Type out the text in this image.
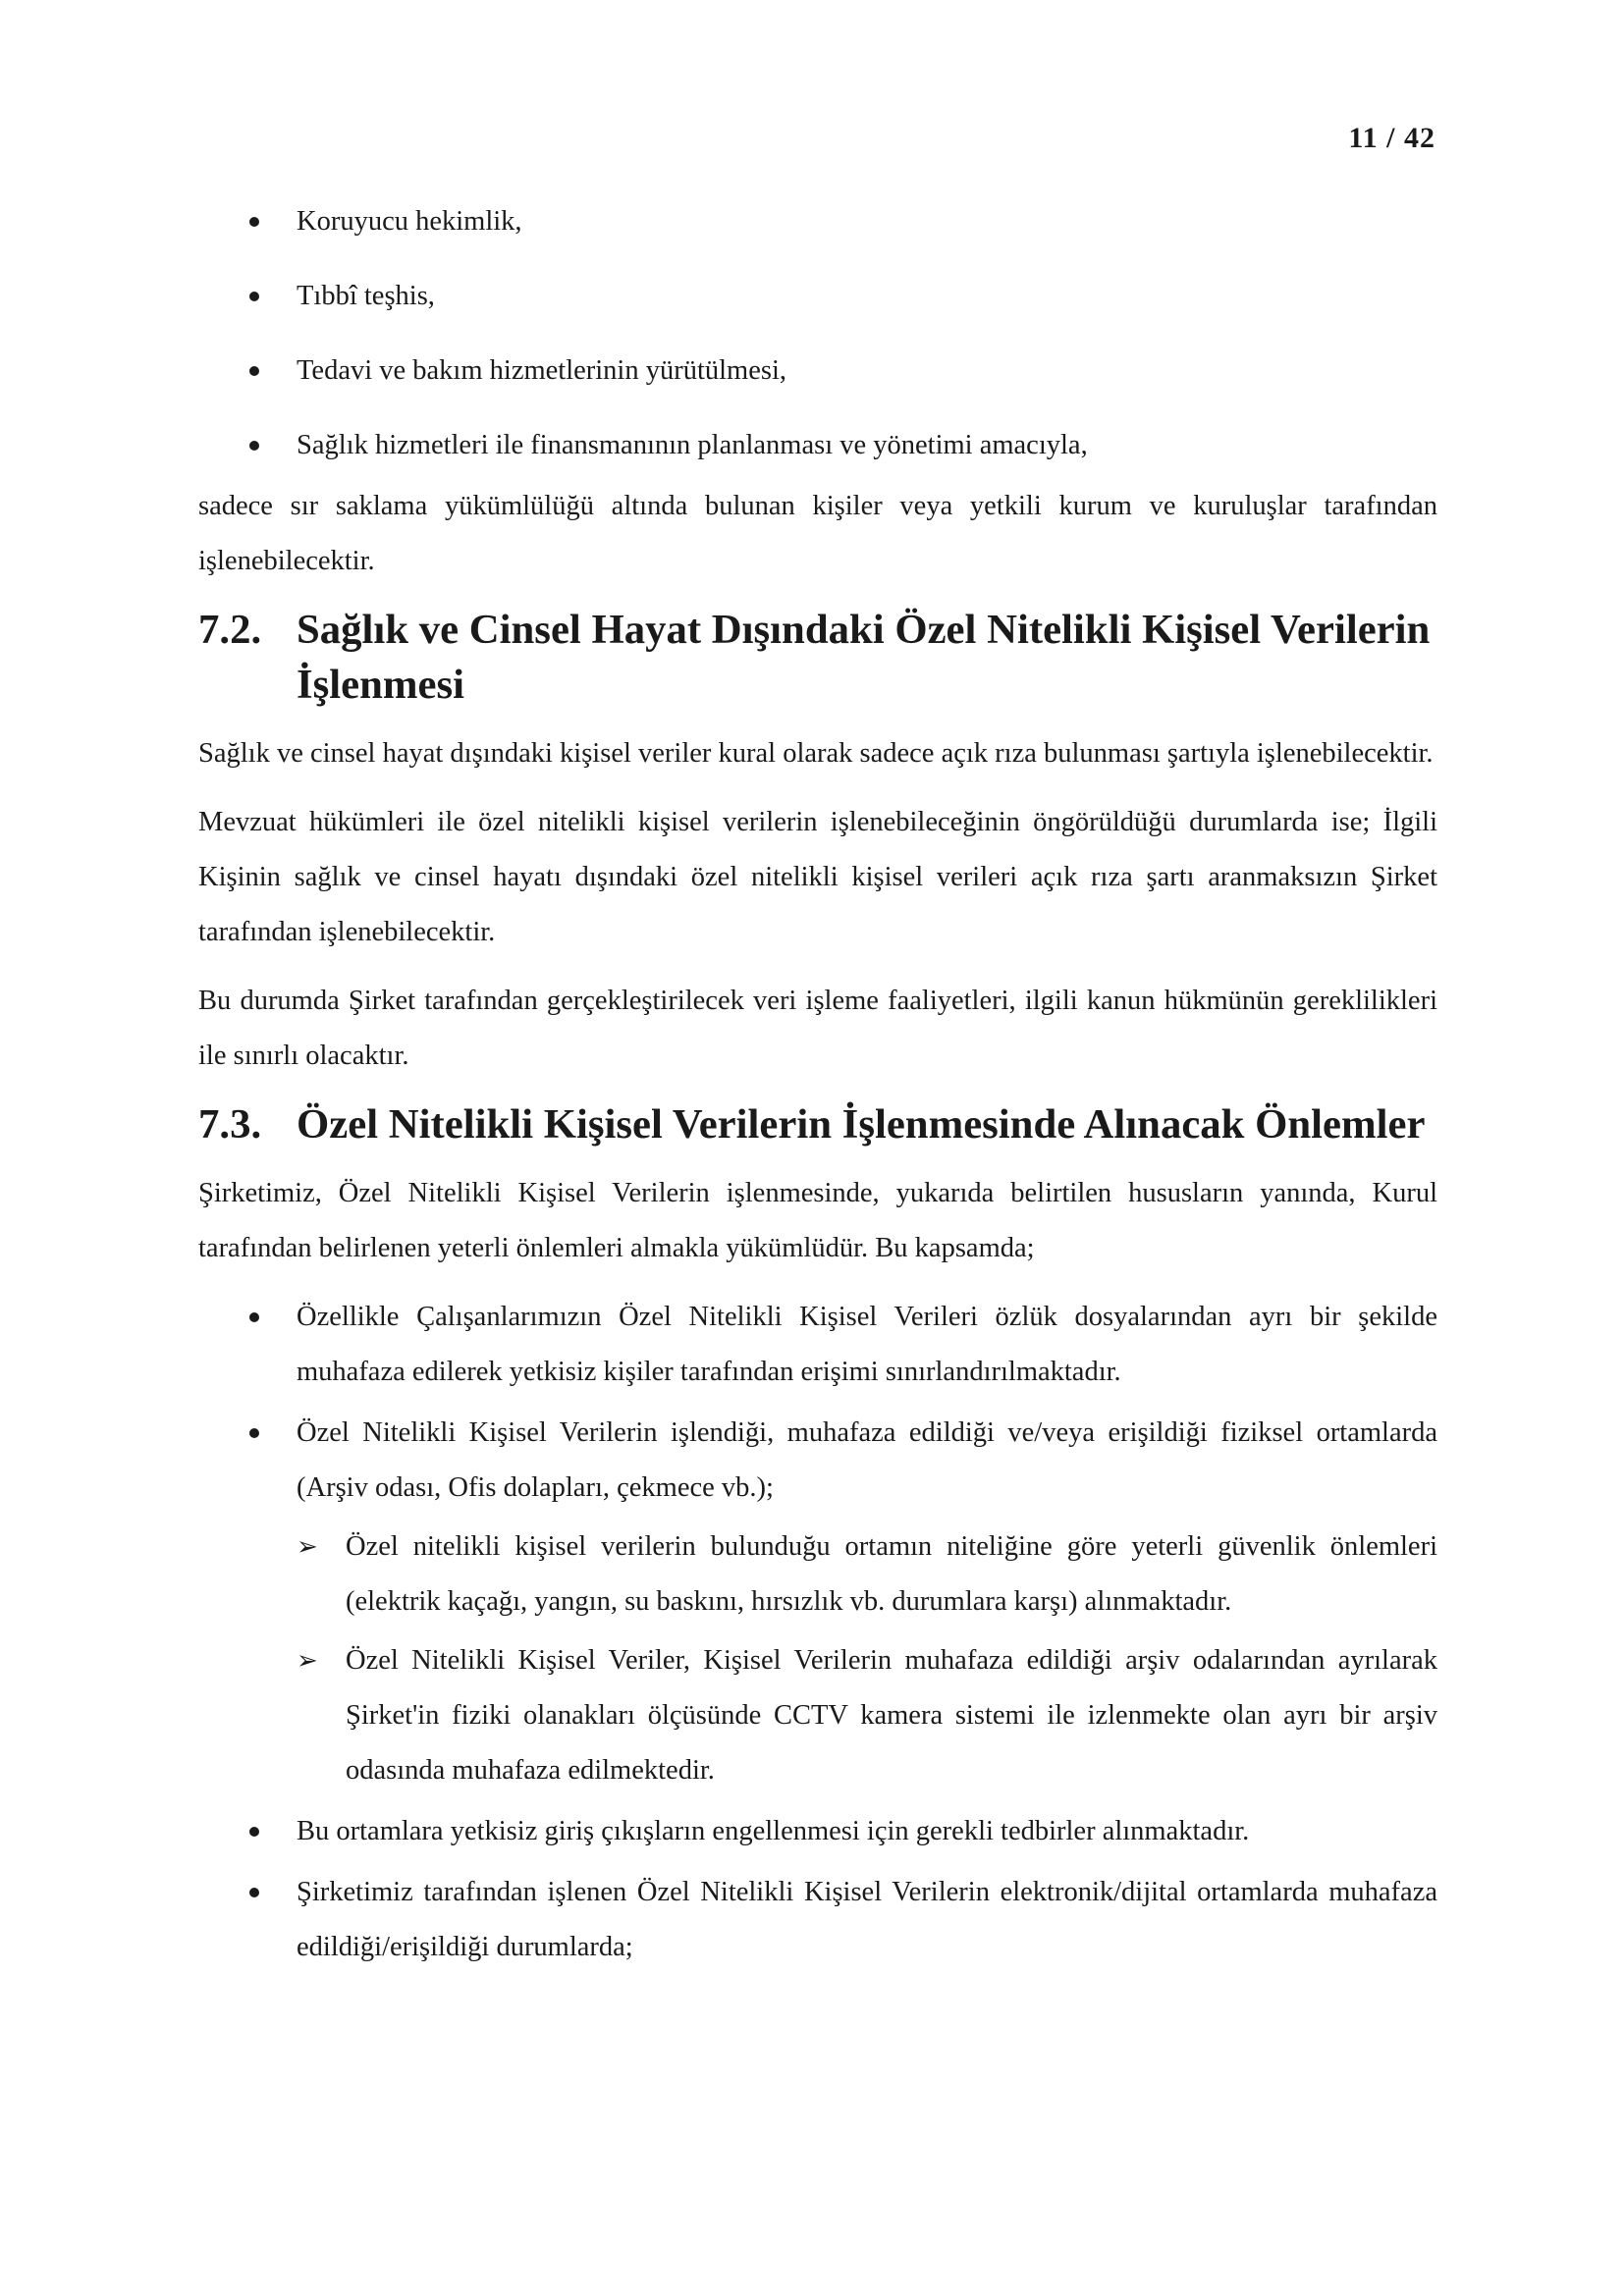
11 / 42
Koruyucu hekimlik,
Tıbbî teşhis,
Tedavi ve bakım hizmetlerinin yürütülmesi,
Sağlık hizmetleri ile finansmanının planlanması ve yönetimi amacıyla,

sadece sır saklama yükümlülüğü altında bulunan kişiler veya yetkili kurum ve kuruluşlar tarafından işlenebilecektir.

7.2. Sağlık ve Cinsel Hayat Dışındaki Özel Nitelikli Kişisel Verilerin İşlenmesi

Sağlık ve cinsel hayat dışındaki kişisel veriler kural olarak sadece açık rıza bulunması şartıyla işlenebilecektir.

Mevzuat hükümleri ile özel nitelikli kişisel verilerin işlenebileceğinin öngörüldüğü durumlarda ise; İlgili Kişinin sağlık ve cinsel hayatı dışındaki özel nitelikli kişisel verileri açık rıza şartı aranmaksızın Şirket tarafından işlenebilecektir.

Bu durumda Şirket tarafından gerçekleştirilecek veri işleme faaliyetleri, ilgili kanun hükmünün gereklilikleri ile sınırlı olacaktır.

7.3. Özel Nitelikli Kişisel Verilerin İşlenmesinde Alınacak Önlemler

Şirketimiz, Özel Nitelikli Kişisel Verilerin işlenmesinde, yukarıda belirtilen hususların yanında, Kurul tarafından belirlenen yeterli önlemleri almakla yükümlüdür. Bu kapsamda;

Özellikle Çalışanlarımızın Özel Nitelikli Kişisel Verileri özlük dosyalarından ayrı bir şekilde muhafaza edilerek yetkisiz kişiler tarafından erişimi sınırlandırılmaktadır.
Özel Nitelikli Kişisel Verilerin işlendiği, muhafaza edildiği ve/veya erişildiği fiziksel ortamlarda (Arşiv odası, Ofis dolapları, çekmece vb.);
➢ Özel nitelikli kişisel verilerin bulunduğu ortamın niteliğine göre yeterli güvenlik önlemleri (elektrik kaçağı, yangın, su baskını, hırsızlık vb. durumlara karşı) alınmaktadır.
➢ Özel Nitelikli Kişisel Veriler, Kişisel Verilerin muhafaza edildiği arşiv odalarından ayrılarak Şirket'in fiziki olanakları ölçüsünde CCTV kamera sistemi ile izlenmekte olan ayrı bir arşiv odasında muhafaza edilmektedir.
Bu ortamlara yetkisiz giriş çıkışların engellenmesi için gerekli tedbirler alınmaktadır.
Şirketimiz tarafından işlenen Özel Nitelikli Kişisel Verilerin elektronik/dijital ortamlarda muhafaza edildiği/erişildiği durumlarda;
